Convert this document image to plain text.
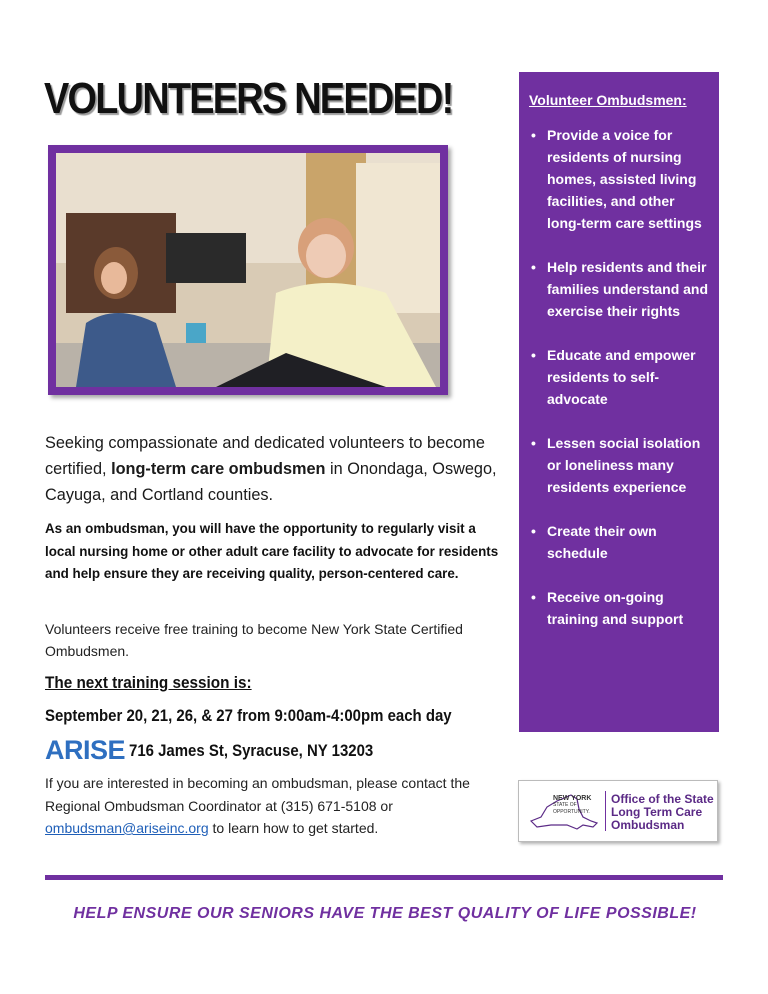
VOLUNTEERS NEEDED!
Seeking compassionate and dedicated volunteers to become certified, long-term care ombudsmen in Onondaga, Oswego, Cayuga, and Cortland counties.
As an ombudsman, you will have the opportunity to regularly visit a local nursing home or other adult care facility to advocate for residents and help ensure they are receiving quality, person-centered care.
Volunteers receive free training to become New York State Certified Ombudsmen.
The next training session is:
September 20, 21, 26, & 27 from 9:00am-4:00pm each day
ARISE 716 James St, Syracuse, NY 13203
If you are interested in becoming an ombudsman, please contact the Regional Ombudsman Coordinator at (315) 671-5108 or ombudsman@ariseinc.org to learn how to get started.
Volunteer Ombudsmen:
• Provide a voice for residents of nursing homes, assisted living facilities, and other long-term care settings
• Help residents and their families understand and exercise their rights
• Educate and empower residents to self-advocate
• Lessen social isolation or loneliness many residents experience
• Create their own schedule
• Receive on-going training and support
NEW YORK
STATE OF
OPPORTUNITY.
Office of the State
Long Term Care
Ombudsman
HELP ENSURE OUR SENIORS HAVE THE BEST QUALITY OF LIFE POSSIBLE!
